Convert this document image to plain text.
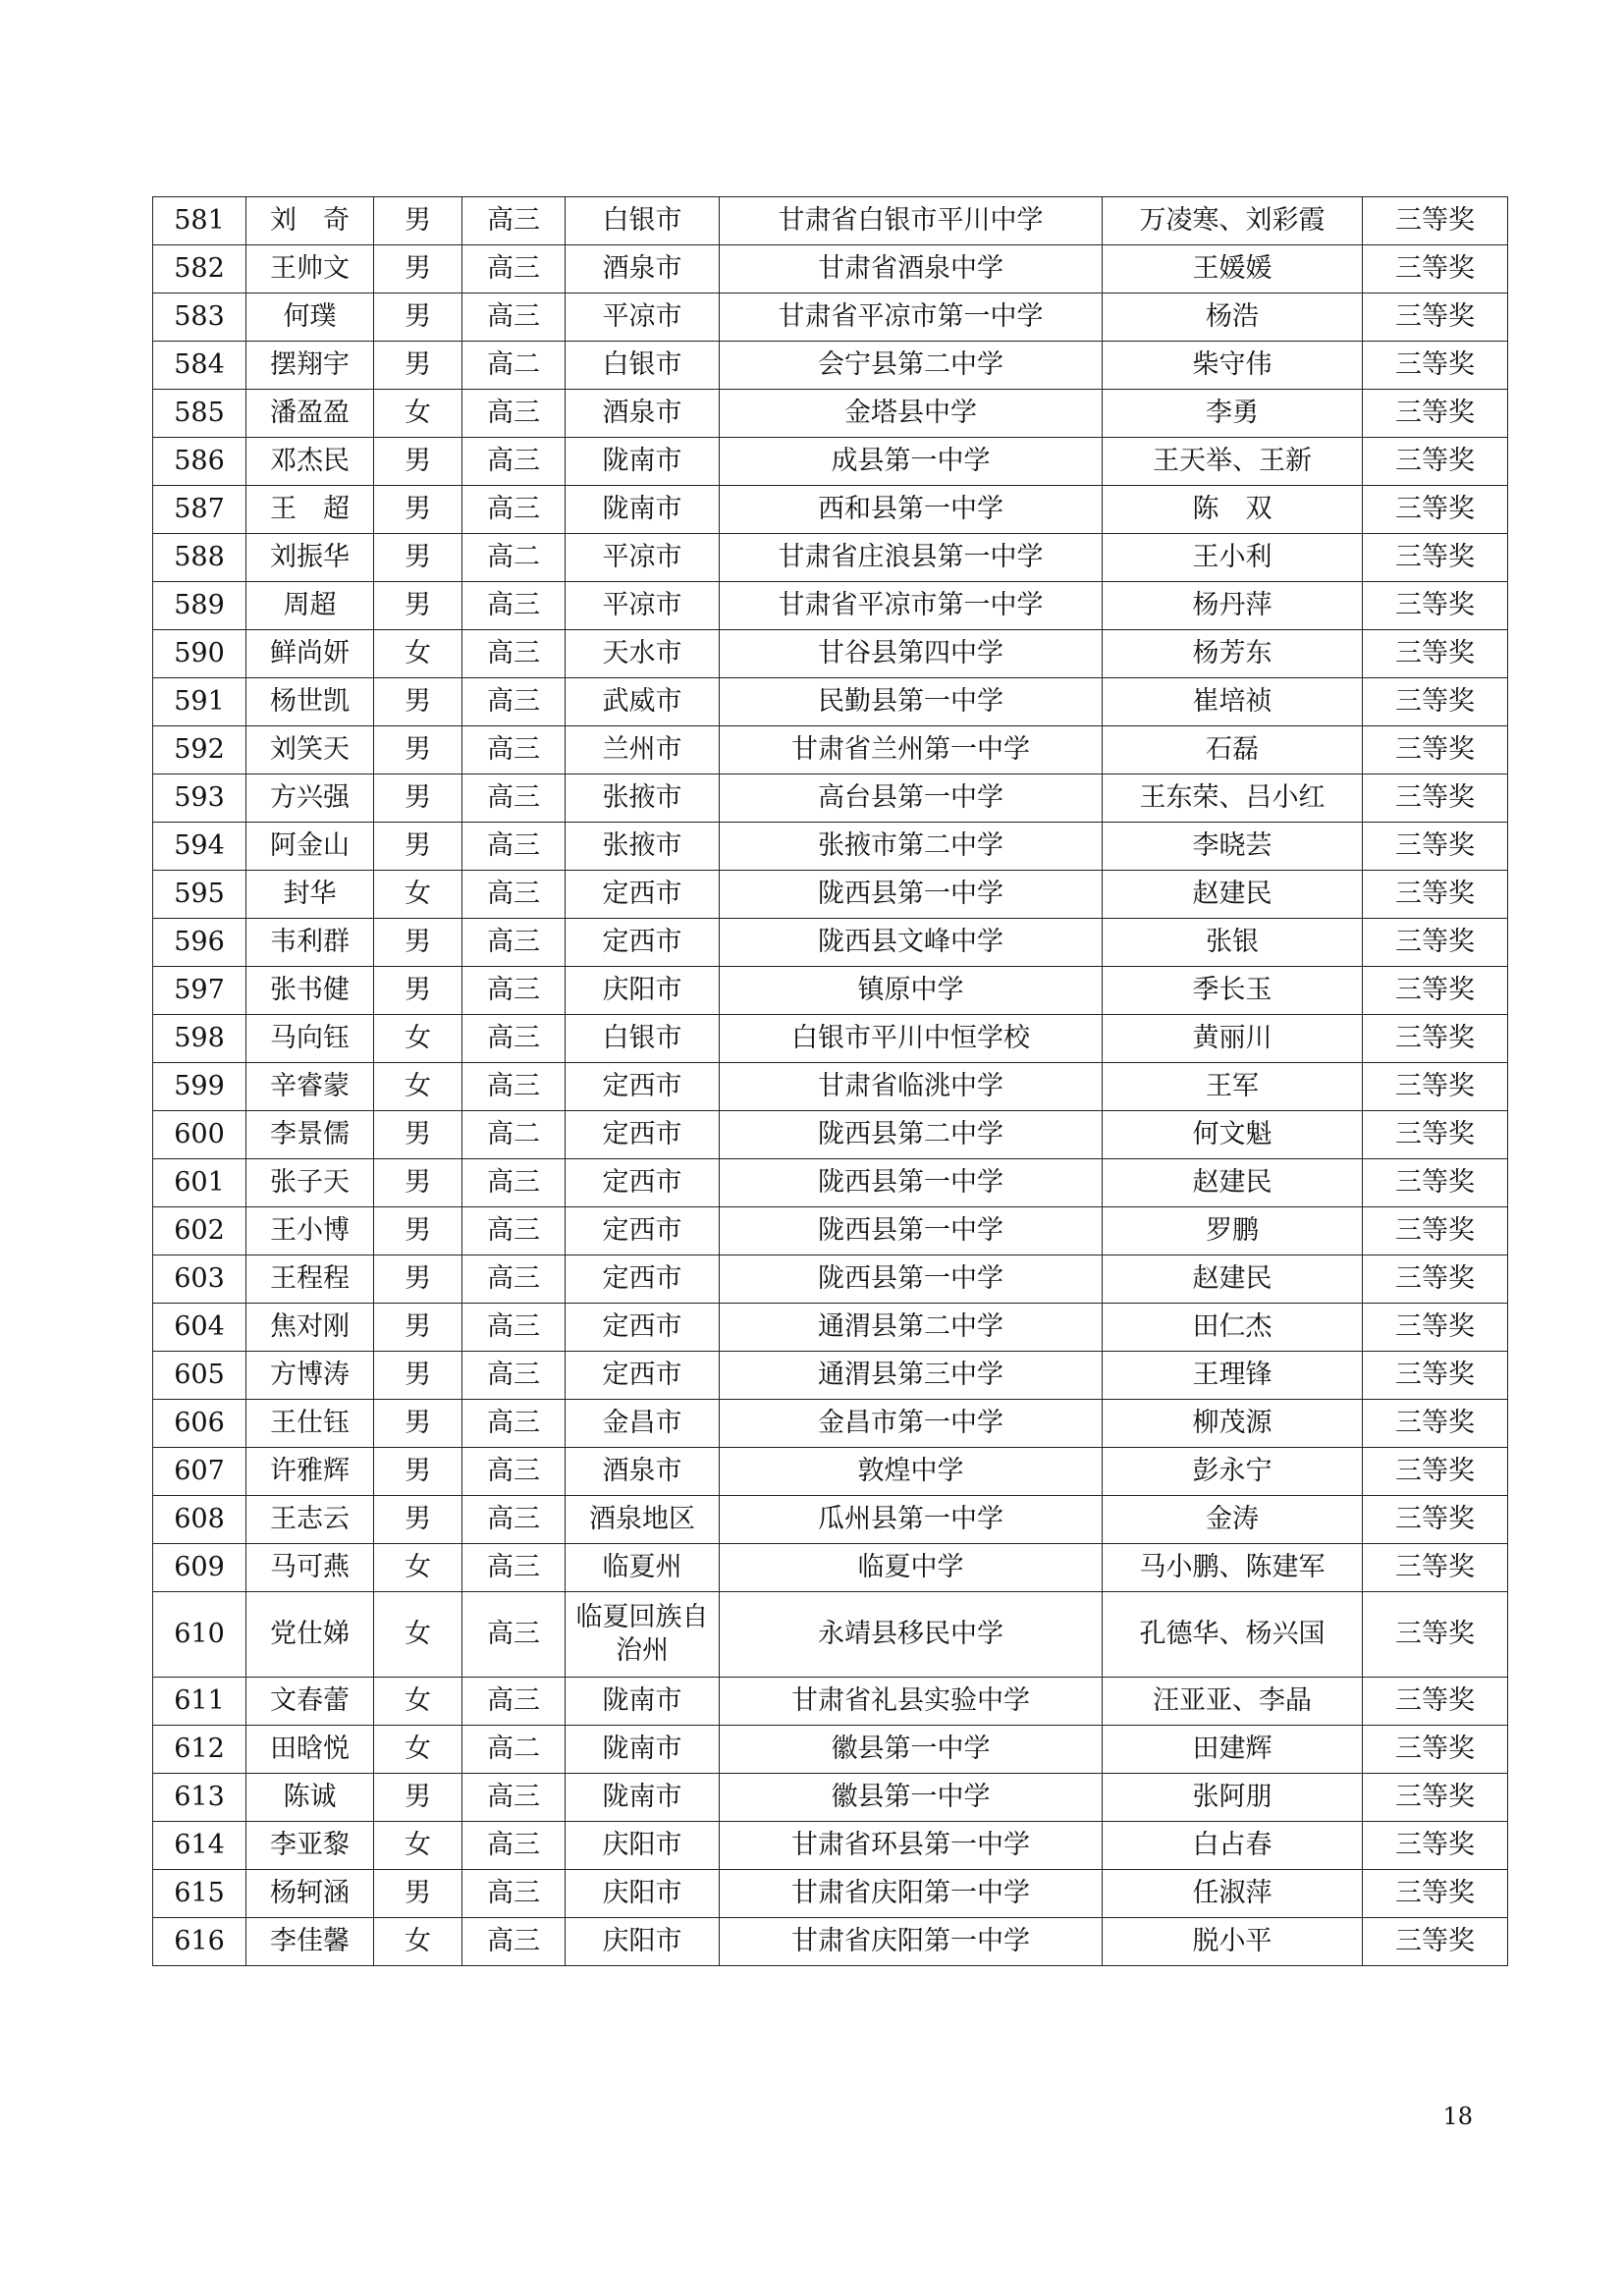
581	刘　奇	男	高三	白银市	甘肃省白银市平川中学	万凌寒、刘彩霞	三等奖
582	王帅文	男	高三	酒泉市	甘肃省酒泉中学	王媛媛	三等奖
583	何璞	男	高三	平凉市	甘肃省平凉市第一中学	杨浩	三等奖
584	摆翔宇	男	高二	白银市	会宁县第二中学	柴守伟	三等奖
585	潘盈盈	女	高三	酒泉市	金塔县中学	李勇	三等奖
586	邓杰民	男	高三	陇南市	成县第一中学	王天举、王新	三等奖
587	王　超	男	高三	陇南市	西和县第一中学	陈　双	三等奖
588	刘振华	男	高二	平凉市	甘肃省庄浪县第一中学	王小利	三等奖
589	周超	男	高三	平凉市	甘肃省平凉市第一中学	杨丹萍	三等奖
590	鲜尚妍	女	高三	天水市	甘谷县第四中学	杨芳东	三等奖
591	杨世凯	男	高三	武威市	民勤县第一中学	崔培祯	三等奖
592	刘笑天	男	高三	兰州市	甘肃省兰州第一中学	石磊	三等奖
593	方兴强	男	高三	张掖市	高台县第一中学	王东荣、吕小红	三等奖
594	阿金山	男	高三	张掖市	张掖市第二中学	李晓芸	三等奖
595	封华	女	高三	定西市	陇西县第一中学	赵建民	三等奖
596	韦利群	男	高三	定西市	陇西县文峰中学	张银	三等奖
597	张书健	男	高三	庆阳市	镇原中学	季长玉	三等奖
598	马向钰	女	高三	白银市	白银市平川中恒学校	黄丽川	三等奖
599	辛睿蒙	女	高三	定西市	甘肃省临洮中学	王军	三等奖
600	李景儒	男	高二	定西市	陇西县第二中学	何文魁	三等奖
601	张子天	男	高三	定西市	陇西县第一中学	赵建民	三等奖
602	王小博	男	高三	定西市	陇西县第一中学	罗鹏	三等奖
603	王程程	男	高三	定西市	陇西县第一中学	赵建民	三等奖
604	焦对刚	男	高三	定西市	通渭县第二中学	田仁杰	三等奖
605	方博涛	男	高三	定西市	通渭县第三中学	王理锋	三等奖
606	王仕钰	男	高三	金昌市	金昌市第一中学	柳茂源	三等奖
607	许雅辉	男	高三	酒泉市	敦煌中学	彭永宁	三等奖
608	王志云	男	高三	酒泉地区	瓜州县第一中学	金涛	三等奖
609	马可燕	女	高三	临夏州	临夏中学	马小鹏、陈建军	三等奖
610	党仕娣	女	高三	临夏回族自治州	永靖县移民中学	孔德华、杨兴国	三等奖
611	文春蕾	女	高三	陇南市	甘肃省礼县实验中学	汪亚亚、李晶	三等奖
612	田晗悦	女	高二	陇南市	徽县第一中学	田建辉	三等奖
613	陈诚	男	高三	陇南市	徽县第一中学	张阿朋	三等奖
614	李亚黎	女	高三	庆阳市	甘肃省环县第一中学	白占春	三等奖
615	杨轲涵	男	高三	庆阳市	甘肃省庆阳第一中学	任淑萍	三等奖
616	李佳馨	女	高三	庆阳市	甘肃省庆阳第一中学	脱小平	三等奖
18
